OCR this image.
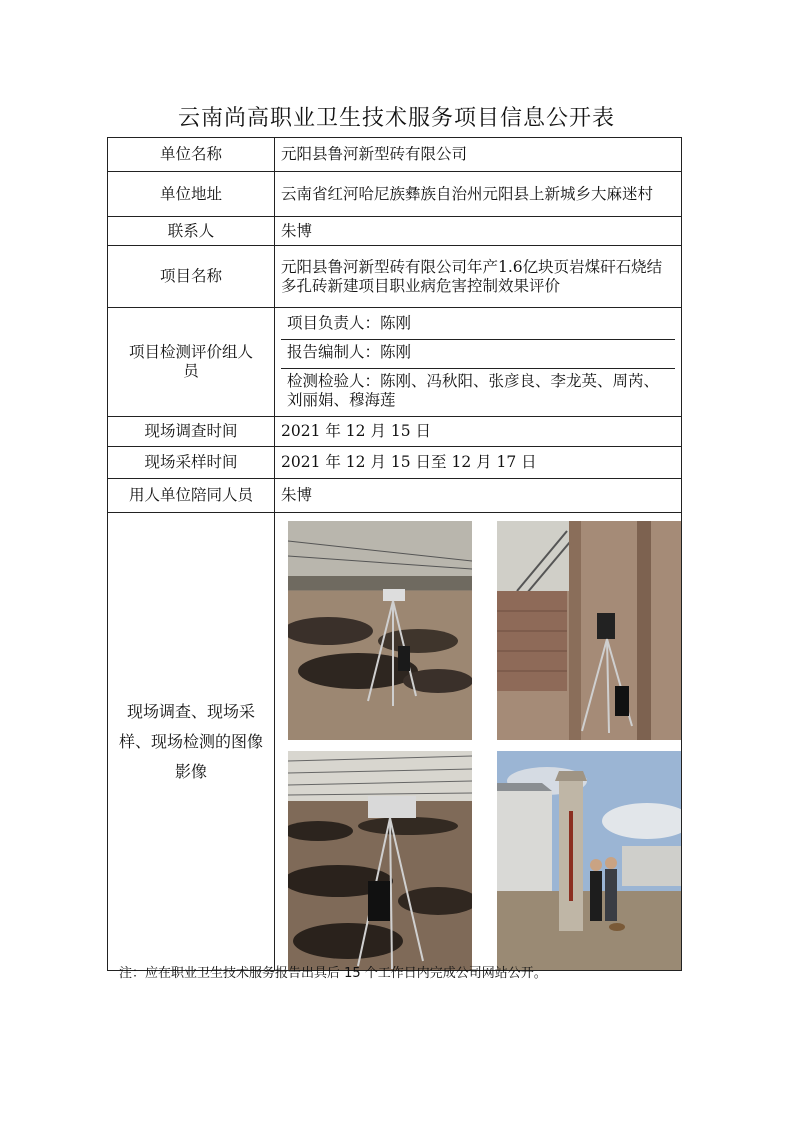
云南尚高职业卫生技术服务项目信息公开表
单位名称	元阳县鲁河新型砖有限公司
单位地址	云南省红河哈尼族彝族自治州元阳县上新城乡大麻迷村
联系人	朱博
项目名称	元阳县鲁河新型砖有限公司年产1.6亿块页岩煤矸石烧结多孔砖新建项目职业病危害控制效果评价

项目检测评价组人员	项目负责人：陈刚
报告编制人：陈刚
检测检验人：陈刚、冯秋阳、张彦良、李龙英、周芮、刘丽娟、穆海莲

现场调查时间	2021 年 12 月 15 日
现场采样时间	2021 年 12 月 15 日至 12 月 17 日
用人单位陪同人员	朱博

现场调查、现场采样、现场检测的图像影像

注：应在职业卫生技术服务报告出具后 15 个工作日内完成公司网站公开。
